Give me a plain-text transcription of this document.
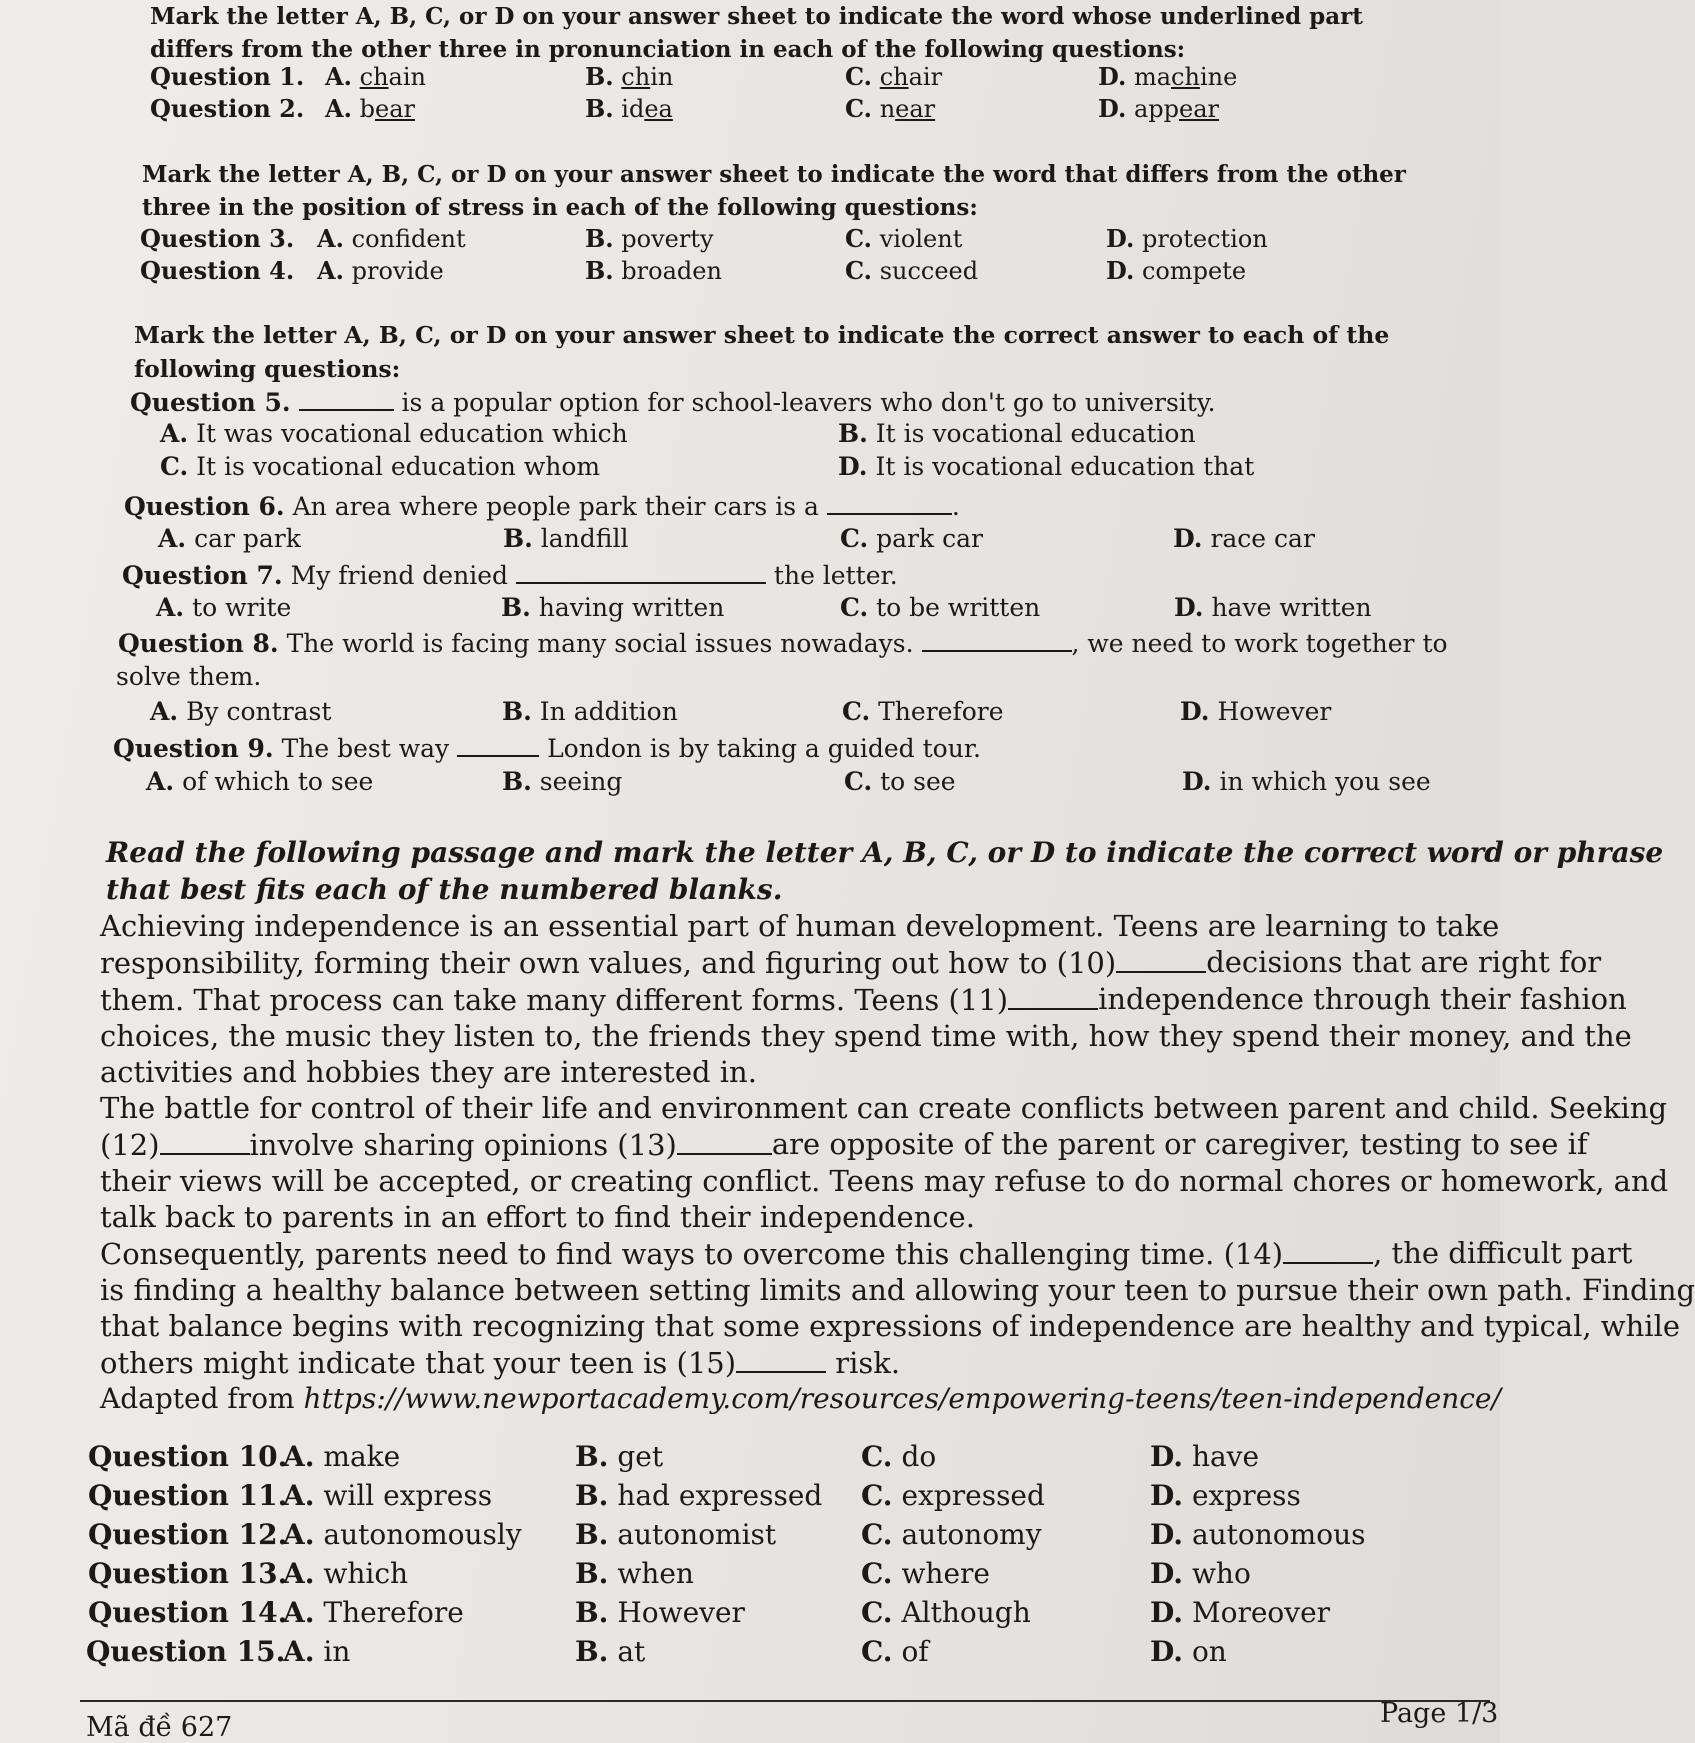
Mark the letter A, B, C, or D on your answer sheet to indicate the word whose underlined part
differs from the other three in pronunciation in each of the following questions:
Question 1. A. chain	B. chin	C. chair	D. machine
Question 2. A. bear	B. idea	C. near	D. appear
Mark the letter A, B, C, or D on your answer sheet to indicate the word that differs from the other
three in the position of stress in each of the following questions:
Question 3. A. confident	B. poverty	C. violent	D. protection
Question 4. A. provide	B. broaden	C. succeed	D. compete
Mark the letter A, B, C, or D on your answer sheet to indicate the correct answer to each of the
following questions:
Question 5.	is a popular option for school-leavers who don't go to university.
A. It was vocational education which	B. It is vocational education
C. It is vocational education whom	D. It is vocational education that
Question 6. An area where people park their cars is a	.
A. car park	B. landfill	C. park car	D. race car
Question 7. My friend denied	the letter.
A. to write	B. having written	C. to be written	D. have written
Question 8. The world is facing many social issues nowadays.	, we need to work together to
solve them.
A. By contrast	B. In addition	C. Therefore	D. However
Question 9. The best way	London is by taking a guided tour.
A. of which to see	B. seeing	C. to see	D. in which you see
Read the following passage and mark the letter A, B, C, or D to indicate the correct word or phrase
that best fits each of the numbered blanks.
Achieving independence is an essential part of human development. Teens are learning to take
responsibility, forming their own values, and figuring out how to (10)	decisions that are right for
them. That process can take many different forms. Teens (11)	independence through their fashion
choices, the music they listen to, the friends they spend time with, how they spend their money, and the
activities and hobbies they are interested in.
The battle for control of their life and environment can create conflicts between parent and child. Seeking
(12)	involve sharing opinions (13)	are opposite of the parent or caregiver, testing to see if
their views will be accepted, or creating conflict. Teens may refuse to do normal chores or homework, and
talk back to parents in an effort to find their independence.
Consequently, parents need to find ways to overcome this challenging time. (14)	, the difficult part
is finding a healthy balance between setting limits and allowing your teen to pursue their own path. Finding
that balance begins with recognizing that some expressions of independence are healthy and typical, while
others might indicate that your teen is (15)	risk.
Adapted from https://www.newportacademy.com/resources/empowering-teens/teen-independence/
Question 10.
A. make	B. get	C. do	D. have
Question 11.
A. will express	B. had expressed C. expressed	D. express
Question 12.
A. autonomously B. autonomist	C. autonomy	D. autonomous
Question 13.
A. which	B. when	C. where	D. who
Question 14.
A. Therefore	B. However	C. Although	D. Moreover
Question 15.
A. in	B. at	C. of	D. on
Mã đề 627	Page 1/3
